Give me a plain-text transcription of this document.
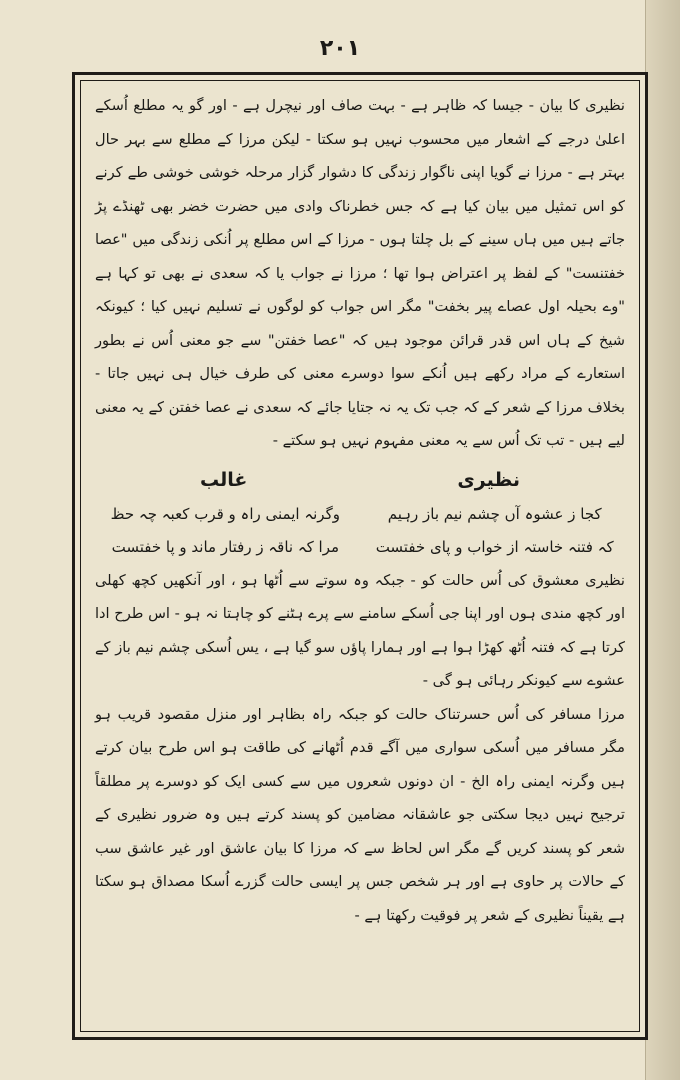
۲۰۱

نظیری کا بیان - جیسا کہ ظاہر ہے - بہت صاف اور نیچرل ہے - اور گو یہ مطلع اُسکے اعلیٰ درجے کے اشعار میں محسوب نہیں ہو سکتا - لیکن مرزا کے مطلع سے بہر حال بہتر ہے - مرزا نے گویا اپنی ناگوار زندگی کا دشوار گزار مرحلہ خوشی خوشی طے کرنے کو اس تمثیل میں بیان کیا ہے کہ جس خطرناک وادی میں حضرت خضر بھی ٹھنڈے پڑ جاتے ہیں میں ہاں سینے کے بل چلتا ہوں - مرزا کے اس مطلع پر اُنکی زندگی میں "عصا خفتنست" کے لفظ پر اعتراض ہوا تھا ؛ مرزا نے جواب یا کہ سعدی نے بھی تو کہا ہے "وے بحیلہ اول عصاے پیر بخفت" مگر اس جواب کو لوگوں نے تسلیم نہیں کیا ؛ کیونکہ شیخ کے ہاں اس قدر قرائن موجود ہیں کہ "عصا خفتن" سے جو معنی اُس نے بطور استعارے کے مراد رکھے ہیں اُنکے سوا دوسرے معنی کی طرف خیال ہی نہیں جاتا - بخلاف مرزا کے شعر کے کہ جب تک یہ نہ جتایا جائے کہ سعدی نے عصا خفتن کے یہ معنی لیے ہیں - تب تک اُس سے یہ معنی مفہوم نہیں ہو سکتے -

نظیری
غالب
کجا ز عشوہ آں چشم نیم باز رہیم
وگرنہ ایمنی راہ و قرب کعبہ چہ حظ
کہ فتنہ خاستہ از خواب و پای خفتست
مرا کہ ناقہ ز رفتار ماند و پا خفتست

نظیری معشوق کی اُس حالت کو - جبکہ وہ سوتے سے اُٹھا ہو ، اور آنکھیں کچھ کھلی اور کچھ مندی ہوں اور اپنا جی اُسکے سامنے سے پرے ہٹنے کو چاہتا نہ ہو - اس طرح ادا کرتا ہے کہ فتنہ اُٹھ کھڑا ہوا ہے اور ہمارا پاؤں سو گیا ہے ، یس اُسکی چشم نیم باز کے عشوے سے کیونکر رہائی ہو گی -

مرزا مسافر کی اُس حسرتناک حالت کو جبکہ راہ بظاہر اور منزل مقصود قریب ہو مگر مسافر میں اُسکی سواری میں آگے قدم اُٹھانے کی طاقت ہو اس طرح بیان کرتے ہیں وگرنہ ایمنی راہ الخ - ان دونوں شعروں میں سے کسی ایک کو دوسرے پر مطلقاً ترجیح نہیں دیجا سکتی جو عاشقانہ مضامین کو پسند کرتے ہیں وہ ضرور نظیری کے شعر کو پسند کریں گے مگر اس لحاظ سے کہ مرزا کا بیان عاشق اور غیر عاشق سب کے حالات پر حاوی ہے اور ہر شخص جس پر ایسی حالت گزرے اُسکا مصداق ہو سکتا ہے یقیناً نظیری کے شعر پر فوقیت رکھتا ہے -
